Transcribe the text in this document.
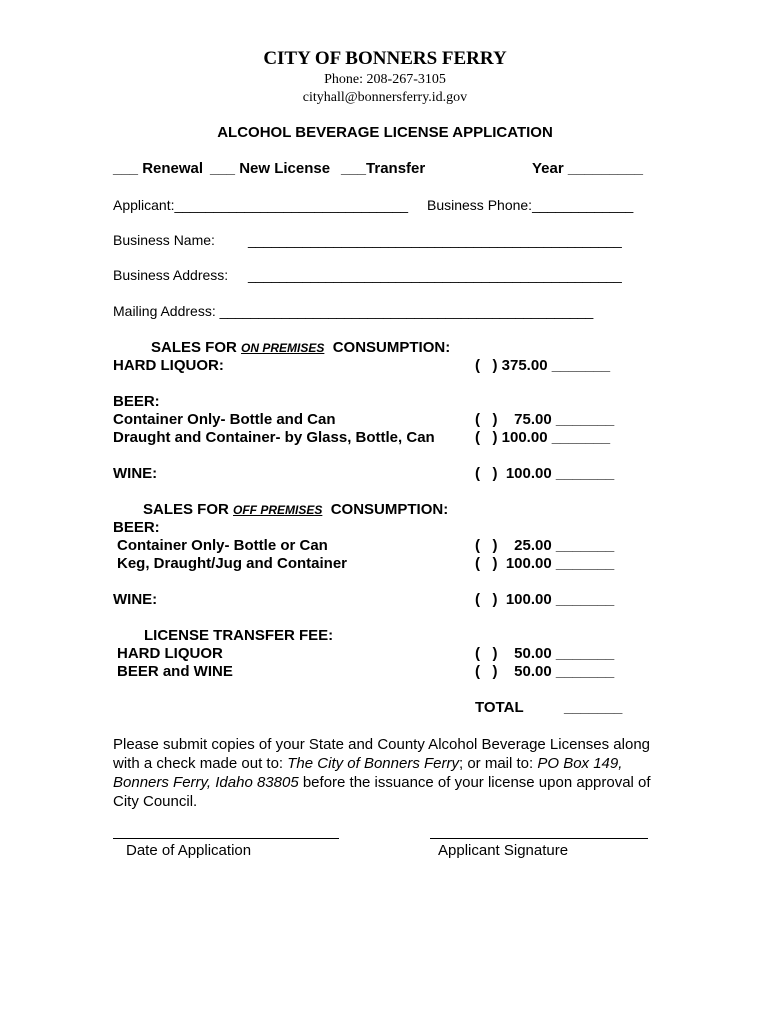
CITY OF BONNERS FERRY
Phone: 208-267-3105
cityhall@bonnersferry.id.gov
ALCOHOL BEVERAGE LICENSE APPLICATION
___ Renewal ___ New License ___Transfer	Year _________
Applicant:______________________________ Business Phone:_____________
Business Name: ________________________________________________
Business Address: ________________________________________________
Mailing Address: ________________________________________________
SALES FOR ON PREMISES CONSUMPTION:
HARD LIQUOR:	(   ) 375.00 _______
BEER:
Container Only- Bottle and Can	(   )    75.00 _______
Draught and Container- by Glass, Bottle, Can	(   ) 100.00 _______
WINE:	(   )  100.00 _______
SALES FOR OFF PREMISES CONSUMPTION:
BEER:
Container Only- Bottle or Can	(   )    25.00 _______
Keg, Draught/Jug and Container	(   )  100.00 _______
WINE:	(   )  100.00 _______
LICENSE TRANSFER FEE:
HARD LIQUOR	(   )    50.00 _______
BEER and WINE	(   )    50.00 _______
TOTAL	_______
Please submit copies of your State and County Alcohol Beverage Licenses along with a check made out to: The City of Bonners Ferry; or mail to: PO Box 149, Bonners Ferry, Idaho 83805 before the issuance of your license upon approval of City Council.
Date of Application	Applicant Signature
